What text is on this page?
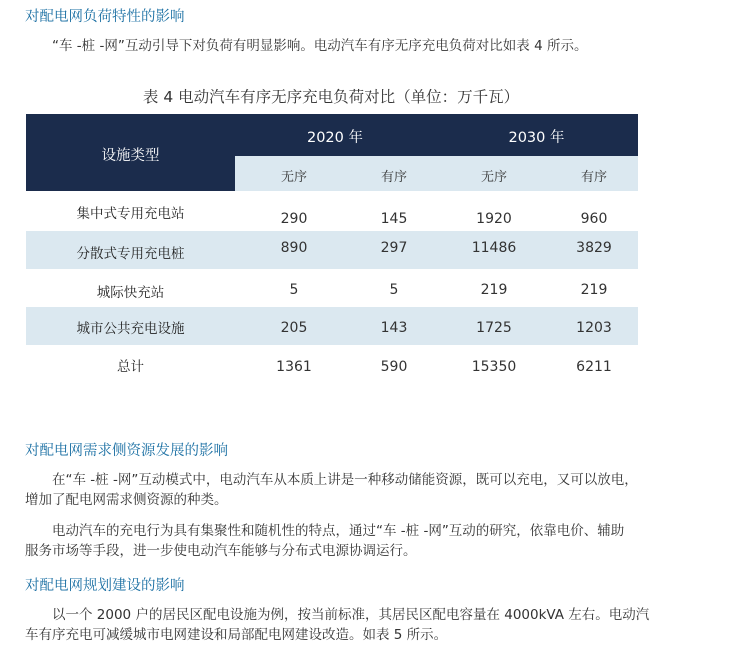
对配电网负荷特性的影响
“车 -桩 -网”互动引导下对负荷有明显影响。电动汽车有序无序充电负荷对比如表 4 所示。
表 4 电动汽车有序无序充电负荷对比（单位：万千瓦）
设施类型
2020 年	2030 年
无序	有序	无序	有序
集中式专用充电站	290	145	1920	960
分散式专用充电桩	890	297	11486	3829
城际快充站	5	5	219	219
城市公共充电设施	205	143	1725	1203
总计	1361	590	15350	6211
对配电网需求侧资源发展的影响
在“车 -桩 -网”互动模式中，电动汽车从本质上讲是一种移动储能资源，既可以充电，又可以放电，
增加了配电网需求侧资源的种类。
电动汽车的充电行为具有集聚性和随机性的特点，通过“车 -桩 -网”互动的研究，依靠电价、辅助
服务市场等手段，进一步使电动汽车能够与分布式电源协调运行。
对配电网规划建设的影响
以一个 2000 户的居民区配电设施为例，按当前标准，其居民区配电容量在 4000kVA 左右。电动汽
车有序充电可减缓城市电网建设和局部配电网建设改造。如表 5 所示。
